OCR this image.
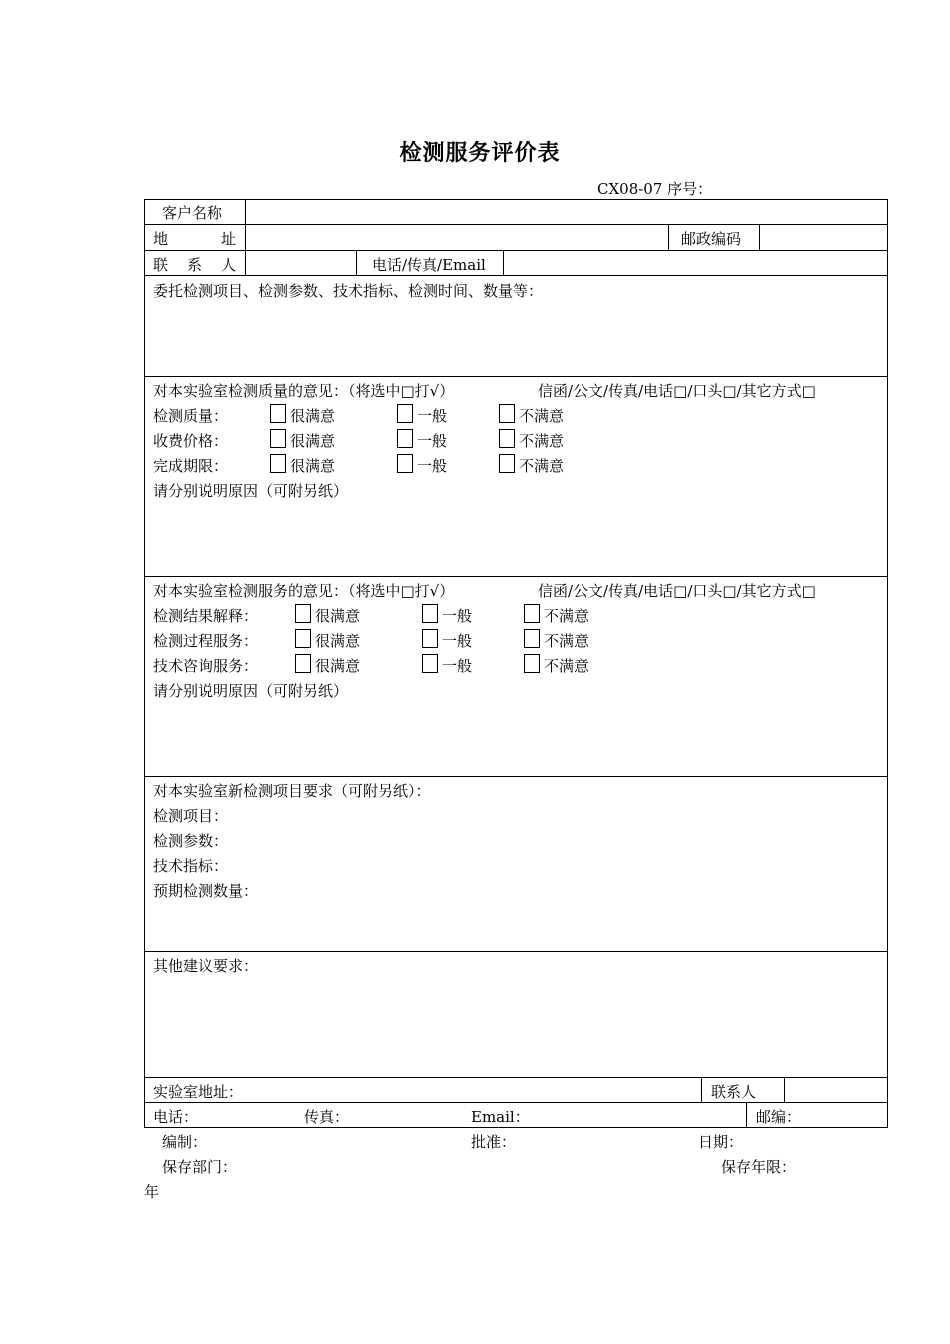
检测服务评价表
CX08-07 序号：
客户名称
地	址	邮政编码
联 系 人	电话/传真/Email
委托检测项目、检测参数、技术指标、检测时间、数量等：
对本实验室检测质量的意见：（将选中□打√）	信函/公文/传真/电话□/口头□/其它方式□
检测质量：	很满意	一般	不满意
收费价格：	很满意	一般	不满意
完成期限：	很满意	一般	不满意
请分别说明原因（可附另纸）
对本实验室检测服务的意见：（将选中□打√）	信函/公文/传真/电话□/口头□/其它方式□
检测结果解释：	很满意	一般	不满意
检测过程服务：	很满意	一般	不满意
技术咨询服务：	很满意	一般	不满意
请分别说明原因（可附另纸）
对本实验室新检测项目要求（可附另纸）：
检测项目：
检测参数：
技术指标：
预期检测数量：
其他建议要求：
实验室地址：	联系人
电话：	传真：	Email：	邮编：
编制：	批准：	日期：
保存部门：	保存年限：
年
